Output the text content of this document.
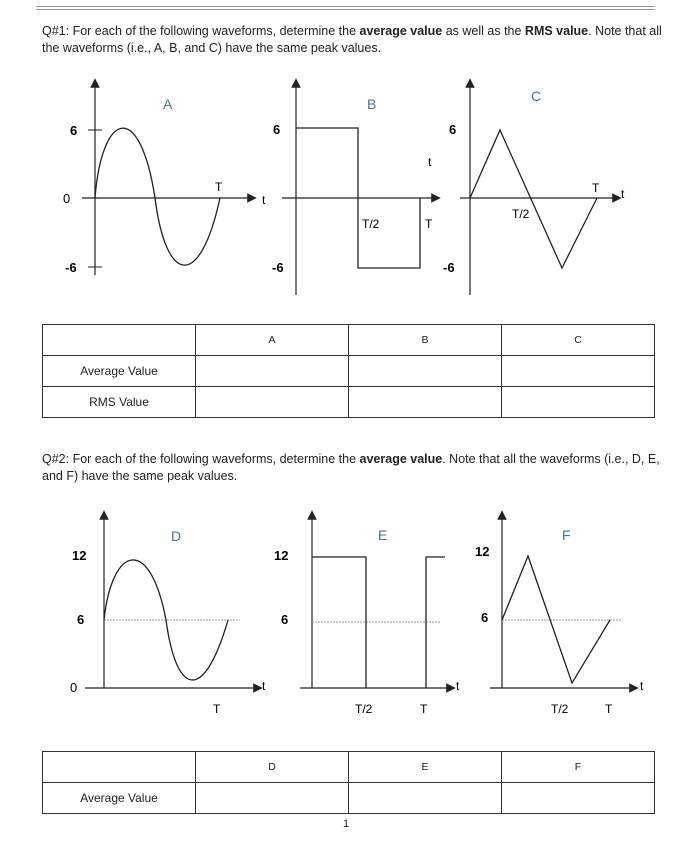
Q#1: For each of the following waveforms, determine the average value as well as the RMS value. Note that all the waveforms (i.e., A, B, and C) have the same peak values.
A
6
0
-6
T
t
B
6
-6
T/2	T
t
C
6
-6
T/2
T t
D
12
6
0
T
t
E
12
6
T/2	T
t
F
12
6
T/2	T
t
	A	B	C
Average Value			
RMS Value			
Q#2: For each of the following waveforms, determine the average value. Note that all the waveforms (i.e., D, E, and F) have the same peak values.
	D	E	F
Average Value			
1
